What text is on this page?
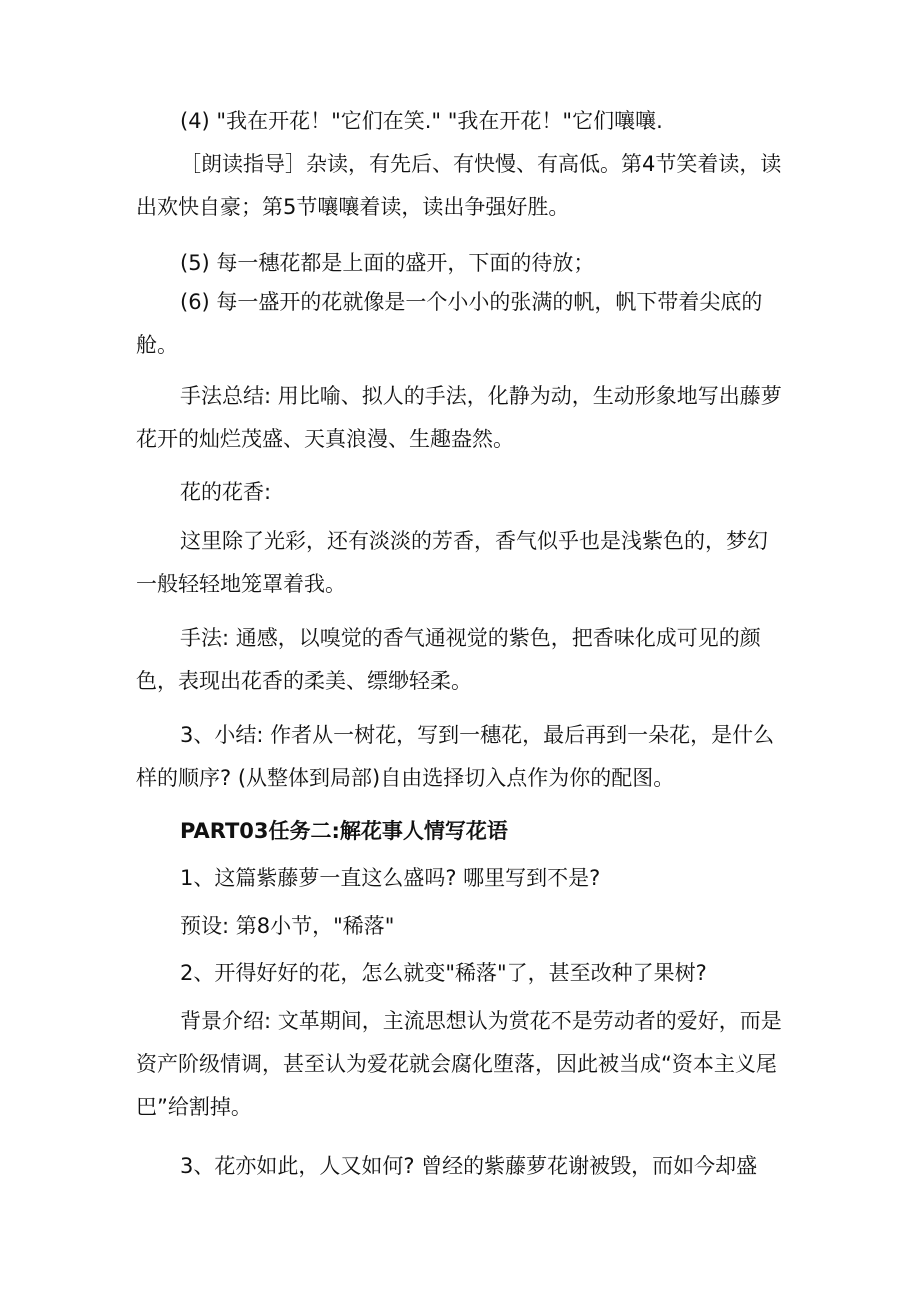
(4) "我在开花！"它们在笑." "我在开花！"它们嚷嚷.

［朗读指导］杂读，有先后、有快慢、有高低。第4节笑着读，读出欢快自豪；第5节嚷嚷着读，读出争强好胜。

(5) 每一穗花都是上面的盛开，下面的待放；

(6) 每一盛开的花就像是一个小小的张满的帆，帆下带着尖底的舱。

手法总结: 用比喻、拟人的手法，化静为动，生动形象地写出藤萝花开的灿烂茂盛、天真浪漫、生趣盎然。

花的花香:

这里除了光彩，还有淡淡的芳香，香气似乎也是浅紫色的，梦幻一般轻轻地笼罩着我。

手法: 通感，以嗅觉的香气通视觉的紫色，把香味化成可见的颜色，表现出花香的柔美、缥缈轻柔。

3、小结: 作者从一树花，写到一穗花，最后再到一朵花，是什么样的顺序? (从整体到局部)自由选择切入点作为你的配图。

PART03任务二:解花事人情写花语

1、这篇紫藤萝一直这么盛吗? 哪里写到不是?

预设: 第8小节，"稀落"

2、开得好好的花，怎么就变"稀落"了，甚至改种了果树?

背景介绍: 文革期间，主流思想认为赏花不是劳动者的爱好，而是资产阶级情调，甚至认为爱花就会腐化堕落，因此被当成“资本主义尾巴”给割掉。

3、花亦如此，人又如何? 曾经的紫藤萝花谢被毁，而如今却盛
